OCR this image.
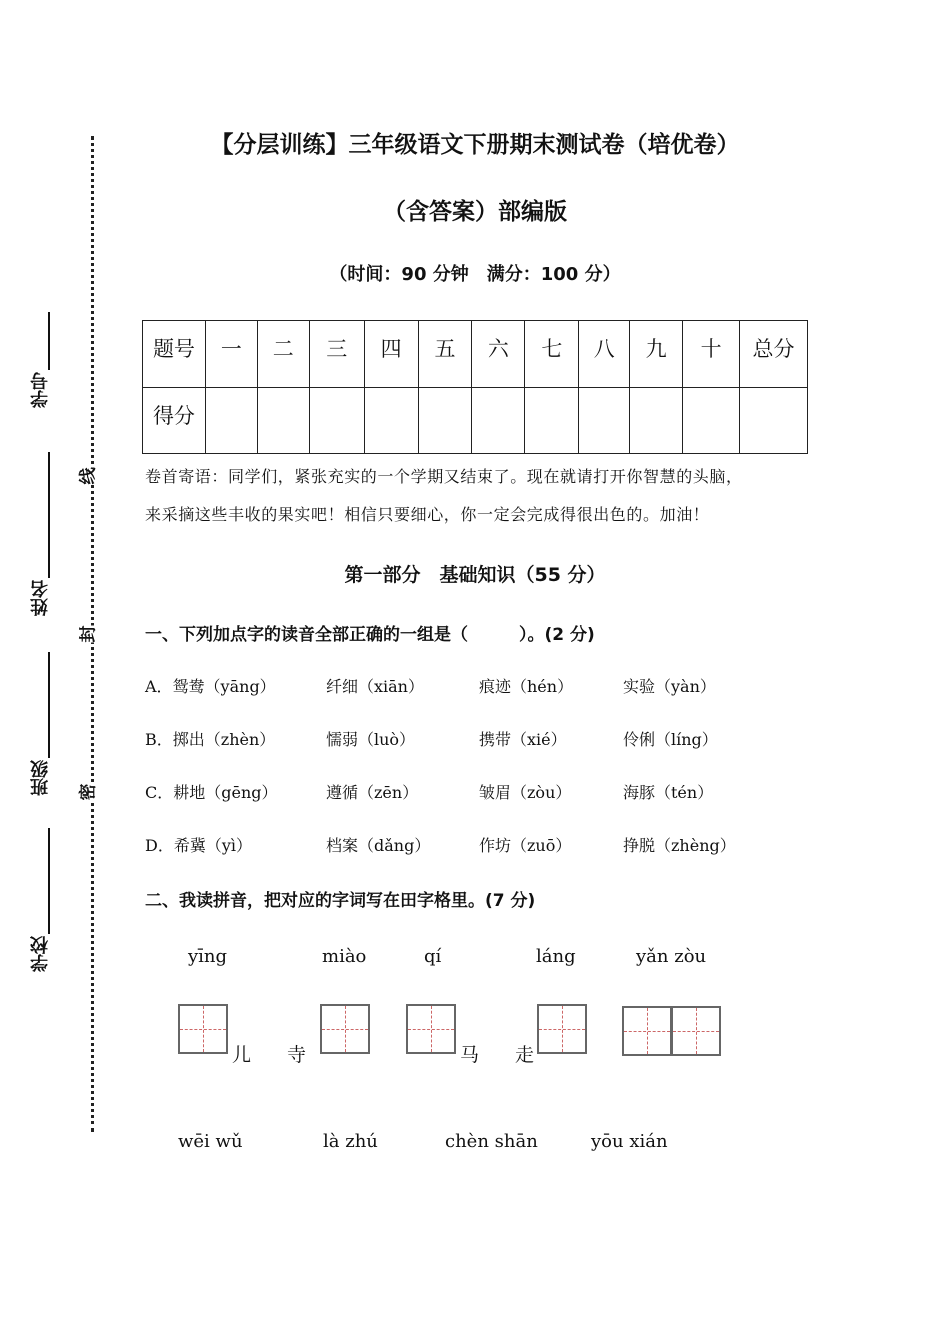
学号
姓名
班级
学校
线
封
密
【分层训练】三年级语文下册期末测试卷（培优卷）
（含答案）部编版
（时间：90 分钟　满分：100 分）
题号	一	二	三	四	五	六	七	八	九	十	总分
得分											
卷首寄语：同学们，紧张充实的一个学期又结束了。现在就请打开你智慧的头脑，
来采摘这些丰收的果实吧！相信只要细心，你一定会完成得很出色的。加油！
第一部分　基础知识（55 分）
一、下列加点字的读音全部正确的一组是（　　　）。(2 分)
A．鸳鸯（yāng）	纤细（xiān）	痕迹（hén）	实验（yàn）
B．掷出（zhèn）	懦弱（luò）	携带（xié）	伶俐（líng）
C．耕地（gēng）	遵循（zēn）	皱眉（zòu）	海豚（tén）
D．希冀（yì）	档案（dǎng）	作坊（zuō）	挣脱（zhèng）
二、我读拼音，把对应的字词写在田字格里。(7 分)
yīng	miào	qí	láng	yǎn zòu
儿 寺	马 走
wēi wǔ	là zhú	chèn shān	yōu xián
